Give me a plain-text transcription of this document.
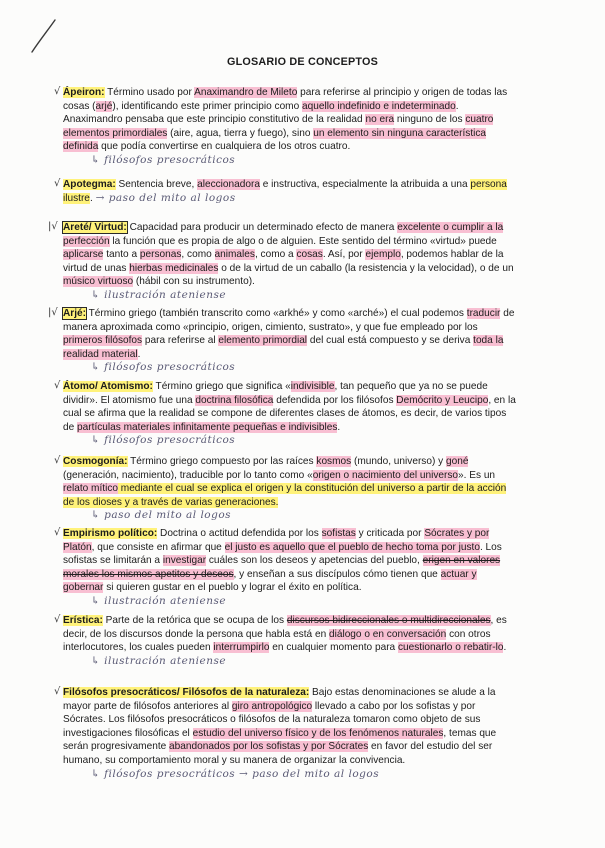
GLOSARIO DE CONCEPTOS
√ Ápeiron: Término usado por Anaximandro de Mileto para referirse al principio y origen de todas las cosas (arjé), identificando este primer principio como aquello indefinido e indeterminado. Anaximandro pensaba que este principio constitutivo de la realidad no era ninguno de los cuatro elementos primordiales (aire, agua, tierra y fuego), sino un elemento sin ninguna característica definida que podía convertirse en cualquiera de los otros cuatro.

↳ filósofos presocráticos
√ Apotegma: Sentencia breve, aleccionadora e instructiva, especialmente la atribuida a una persona ilustre. → paso del mito al logos

|√ Areté/ Virtud: Capacidad para producir un determinado efecto de manera excelente o cumplir a la perfección la función que es propia de algo o de alguien. Este sentido del término «virtud» puede aplicarse tanto a personas, como animales, como a cosas. Así, por ejemplo, podemos hablar de la virtud de unas hierbas medicinales o de la virtud de un caballo (la resistencia y la velocidad), o de un músico virtuoso (hábil con su instrumento).

↳ ilustración ateniense
|√ Arjé: Término griego (también transcrito como «arkhé» y como «arché») el cual podemos traducir de manera aproximada como «principio, origen, cimiento, sustrato», y que fue empleado por los primeros filósofos para referirse al elemento primordial del cual está compuesto y se deriva toda la realidad material.

↳ filósofos presocráticos
√ Átomo/ Atomismo: Término griego que significa «indivisible, tan pequeño que ya no se puede dividir». El atomismo fue una doctrina filosófica defendida por los filósofos Demócrito y Leucipo, en la cual se afirma que la realidad se compone de diferentes clases de átomos, es decir, de varios tipos de partículas materiales infinitamente pequeñas e indivisibles.

↳ filósofos presocráticos
√ Cosmogonía: Término griego compuesto por las raíces kosmos (mundo, universo) y goné (generación, nacimiento), traducible por lo tanto como «origen o nacimiento del universo». Es un relato mítico mediante el cual se explica el origen y la constitución del universo a partir de la acción de los dioses y a través de varias generaciones.

↳ paso del mito al logos
√ Empirismo político: Doctrina o actitud defendida por los sofistas y criticada por Sócrates y por Platón, que consiste en afirmar que el justo es aquello que el pueblo de hecho toma por justo. Los sofistas se limitarán a investigar cuáles son los deseos y apetencias del pueblo, erigen en valores morales los mismos apetitos y deseos, y enseñan a sus discípulos cómo tienen que actuar y gobernar si quieren gustar en el pueblo y lograr el éxito en política.

↳ ilustración ateniense
√ Erística: Parte de la retórica que se ocupa de los discursos bidireccionales o multidireccionales, es decir, de los discursos donde la persona que habla está en diálogo o en conversación con otros interlocutores, los cuales pueden interrumpirlo en cualquier momento para cuestionarlo o rebatir-lo.

↳ ilustración ateniense
√ Filósofos presocráticos/ Filósofos de la naturaleza: Bajo estas denominaciones se alude a la mayor parte de filósofos anteriores al giro antropológico llevado a cabo por los sofistas y por Sócrates. Los filósofos presocráticos o filósofos de la naturaleza tomaron como objeto de sus investigaciones filosóficas el estudio del universo físico y de los fenómenos naturales, temas que serán progresivamente abandonados por los sofistas y por Sócrates en favor del estudio del ser humano, su comportamiento moral y su manera de organizar la convivencia.

↳ filósofos presocráticos → paso del mito al logos
